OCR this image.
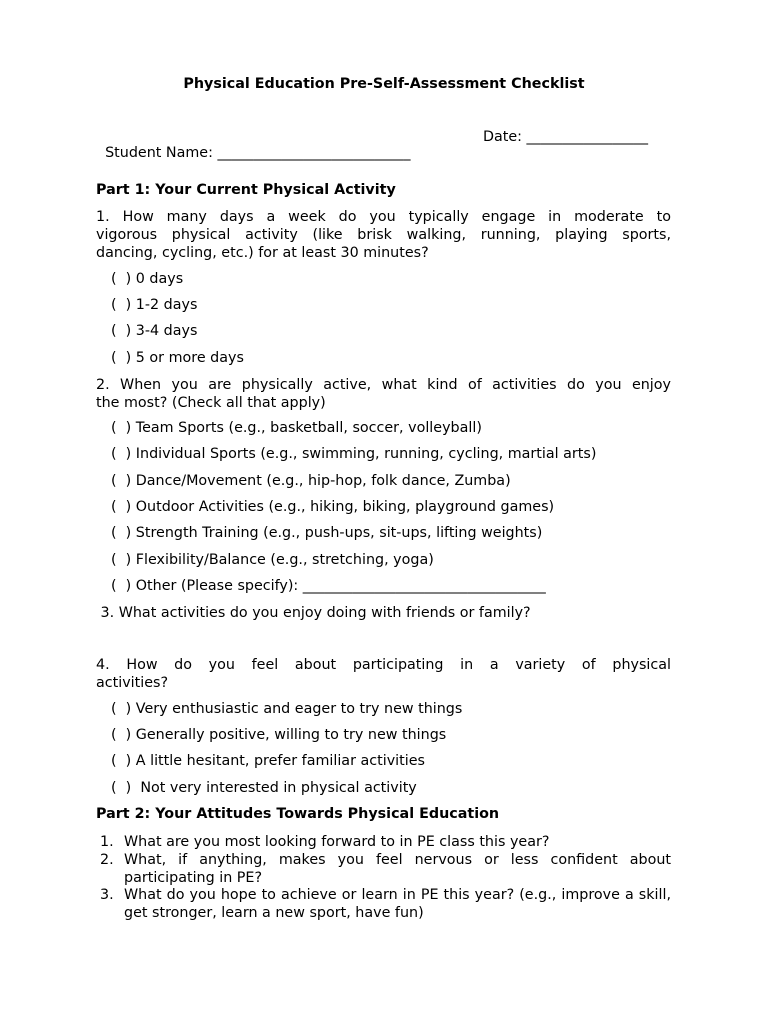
Physical Education Pre-Self-Assessment Checklist

Student Name: ___________________________

Date: _________________

Part 1: Your Current Physical Activity
1. How many days a week do you typically engage in moderate to
vigorous physical activity (like brisk walking, running, playing sports,
dancing, cycling, etc.) for at least 30 minutes?
(  ) 0 days
(  ) 1-2 days
(  ) 3-4 days
(  ) 5 or more days
2. When you are physically active, what kind of activities do you enjoy
the most? (Check all that apply)
(  ) Team Sports (e.g., basketball, soccer, volleyball)
(  ) Individual Sports (e.g., swimming, running, cycling, martial arts)
(  ) Dance/Movement (e.g., hip-hop, folk dance, Zumba)
(  ) Outdoor Activities (e.g., hiking, biking, playground games)
(  ) Strength Training (e.g., push-ups, sit-ups, lifting weights)
(  ) Flexibility/Balance (e.g., stretching, yoga)
(  ) Other (Please specify): __________________________________
3. What activities do you enjoy doing with friends or family?
4. How do you feel about participating in a variety of physical
activities?
(  ) Very enthusiastic and eager to try new things
(  ) Generally positive, willing to try new things
(  ) A little hesitant, prefer familiar activities
(  )  Not very interested in physical activity
Part 2: Your Attitudes Towards Physical Education
1. What are you most looking forward to in PE class this year?
2. What, if anything, makes you feel nervous or less confident about participating in PE?
3. What do you hope to achieve or learn in PE this year? (e.g., improve a skill, get stronger, learn a new sport, have fun)
